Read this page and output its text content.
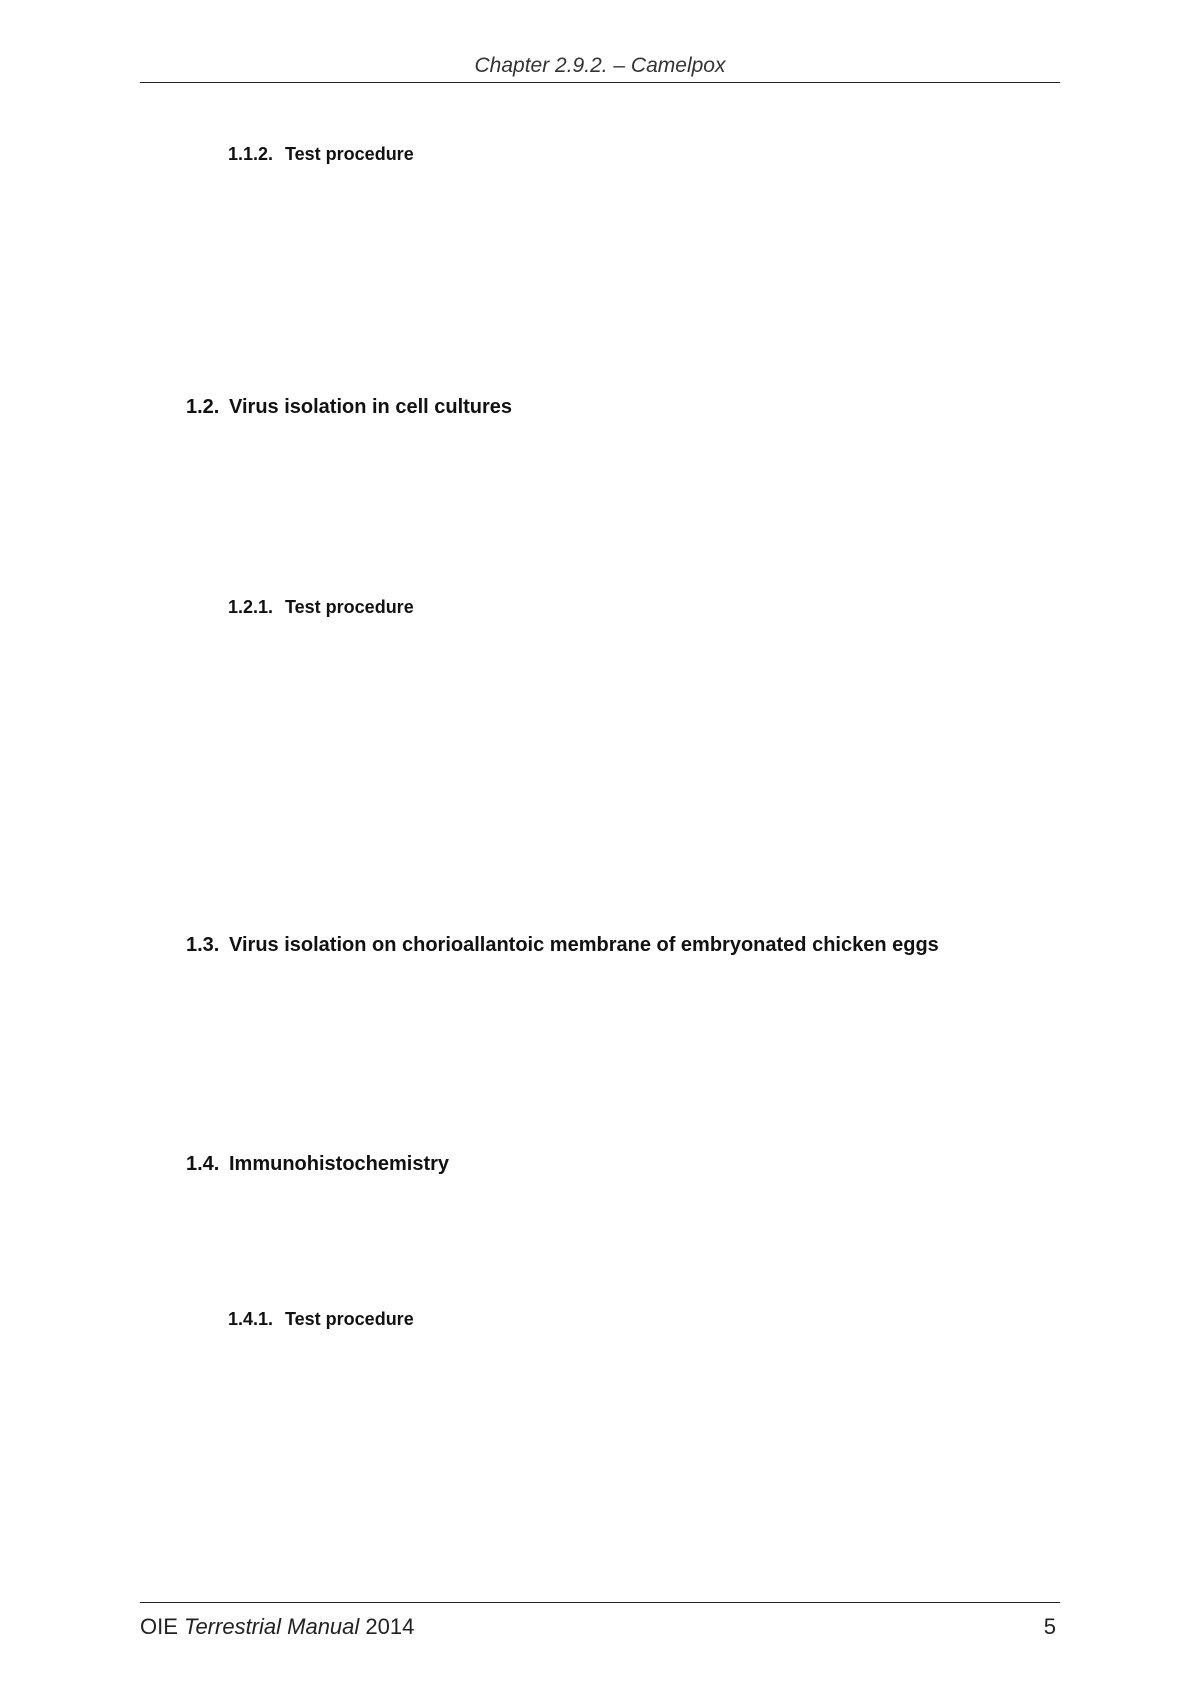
Chapter 2.9.2. – Camelpox
1.1.2. Test procedure
1.2. Virus isolation in cell cultures
1.2.1. Test procedure
1.3. Virus isolation on chorioallantoic membrane of embryonated chicken eggs
1.4. Immunohistochemistry
1.4.1. Test procedure
OIE Terrestrial Manual 2014	5
